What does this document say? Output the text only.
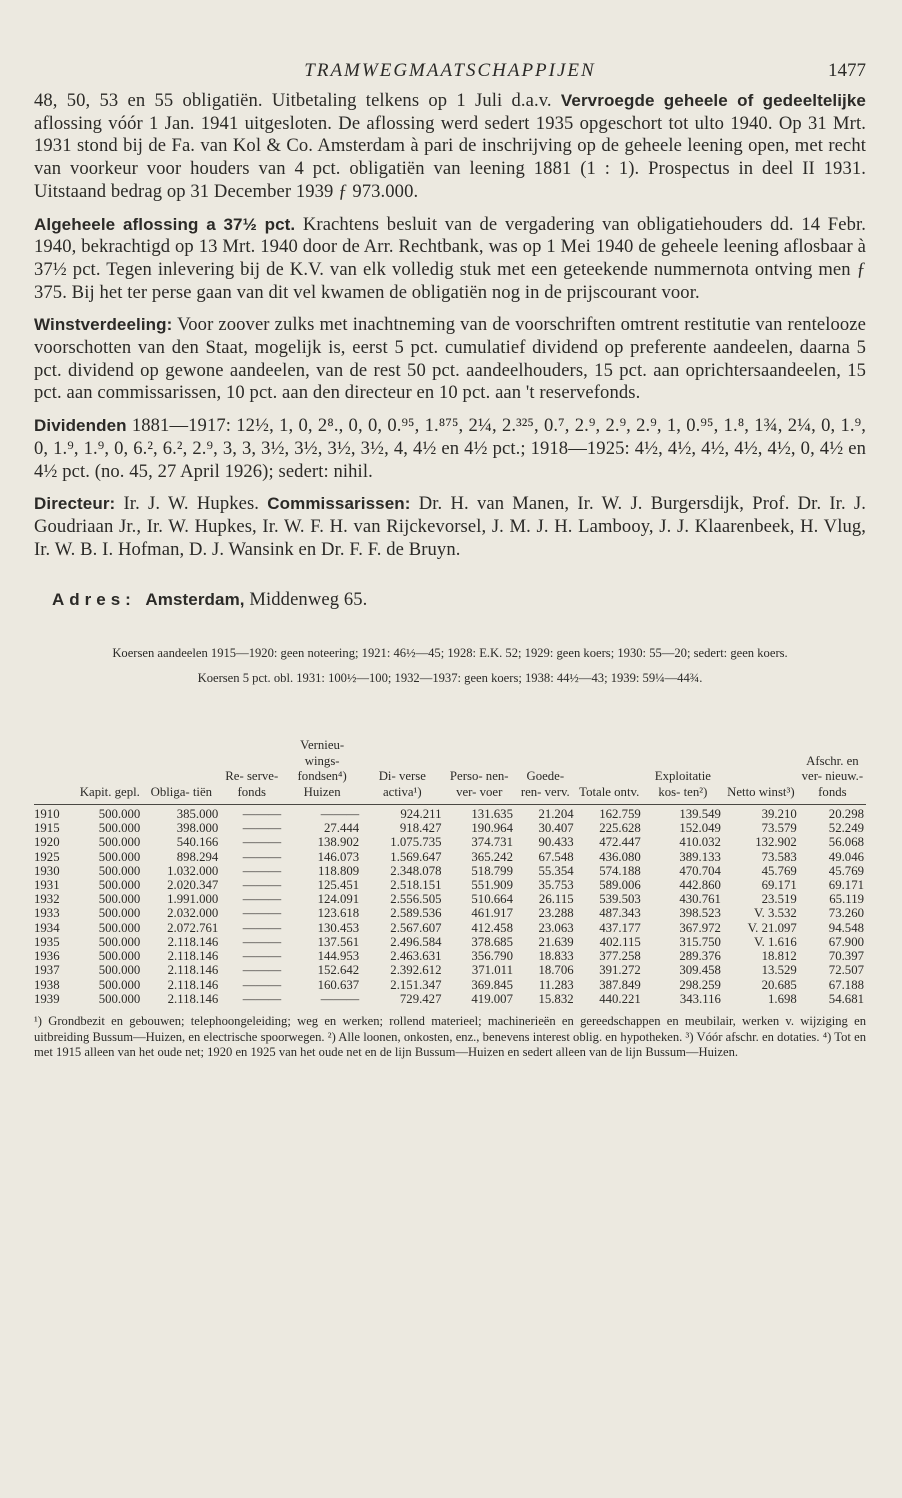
TRAMWEGMAATSCHAPPIJEN	1477

48, 50, 53 en 55 obligatiën. Uitbetaling telkens op 1 Juli d.a.v. Vervroegde geheele of gedeeltelijke aflossing vóór 1 Jan. 1941 uitgesloten. De aflossing werd sedert 1935 opgeschort tot ulto 1940. Op 31 Mrt. 1931 stond bij de Fa. van Kol & Co. Amsterdam à pari de inschrijving op de geheele leening open, met recht van voorkeur voor houders van 4 pct. obligatiën van leening 1881 (1 : 1). Prospectus in deel II 1931. Uitstaand bedrag op 31 December 1939 ƒ 973.000.

Algeheele aflossing a 37½ pct. Krachtens besluit van de vergadering van obligatiehouders dd. 14 Febr. 1940, bekrachtigd op 13 Mrt. 1940 door de Arr. Rechtbank, was op 1 Mei 1940 de geheele leening aflosbaar à 37½ pct. Tegen inlevering bij de K.V. van elk volledig stuk met een geteekende nummernota ontving men ƒ 375. Bij het ter perse gaan van dit vel kwamen de obligatiën nog in de prijscourant voor.

Winstverdeeling: Voor zoover zulks met inachtneming van de voorschriften omtrent restitutie van rentelooze voorschotten van den Staat, mogelijk is, eerst 5 pct. cumulatief dividend op preferente aandeelen, daarna 5 pct. dividend op gewone aandeelen, van de rest 50 pct. aandeelhouders, 15 pct. aan oprichtersaandeelen, 15 pct. aan commissarissen, 10 pct. aan den directeur en 10 pct. aan 't reservefonds.

Dividenden 1881—1917: 12½, 1, 0, 2⁸., 0, 0, 0.⁹⁵, 1.⁸⁷⁵, 2¼, 2.³²⁵, 0.⁷, 2.⁹, 2.⁹, 2.⁹, 1, 0.⁹⁵, 1.⁸, 1¾, 2¼, 0, 1.⁹, 0, 1.⁹, 1.⁹, 0, 6.², 6.², 2.⁹, 3, 3, 3½, 3½, 3½, 3½, 4, 4½ en 4½ pct.; 1918—1925: 4½, 4½, 4½, 4½, 4½, 0, 4½ en 4½ pct. (no. 45, 27 April 1926); sedert: nihil.

Directeur: Ir. J. W. Hupkes. Commissarissen: Dr. H. van Manen, Ir. W. J. Burgersdijk, Prof. Dr. Ir. J. Goudriaan Jr., Ir. W. Hupkes, Ir. W. F. H. van Rijckevorsel, J. M. J. H. Lambooy, J. J. Klaarenbeek, H. Vlug, Ir. W. B. I. Hofman, D. J. Wansink en Dr. F. F. de Bruyn.

Adres: Amsterdam, Middenweg 65.

Koersen aandeelen 1915—1920: geen noteering; 1921: 46½—45; 1928: E.K. 52; 1929: geen koers; 1930: 55—20; sedert: geen koers.

Koersen 5 pct. obl. 1931: 100½—100; 1932—1937: geen koers; 1938: 44½—43; 1939: 59¼—44¾.

	Kapit. gepl.	Obliga- tiën	Re- serve- fonds	Vernieu- wings- fondsen⁴) Huizen	Di- verse activa¹)	Perso- nen- ver- voer	Goede- ren- verv.	Totale ontv.	Exploitatie kos- ten²)	Netto winst³)	Afschr. en ver- nieuw.- fonds
1910	500.000	385.000	———	———	924.211	131.635	21.204	162.759	139.549	39.210	20.298
1915	500.000	398.000	———	27.444	918.427	190.964	30.407	225.628	152.049	73.579	52.249
1920	500.000	540.166	———	138.902	1.075.735	374.731	90.433	472.447	410.032	132.902	56.068
1925	500.000	898.294	———	146.073	1.569.647	365.242	67.548	436.080	389.133	73.583	49.046
1930	500.000	1.032.000	———	118.809	2.348.078	518.799	55.354	574.188	470.704	45.769	45.769
1931	500.000	2.020.347	———	125.451	2.518.151	551.909	35.753	589.006	442.860	69.171	69.171
1932	500.000	1.991.000	———	124.091	2.556.505	510.664	26.115	539.503	430.761	23.519	65.119
1933	500.000	2.032.000	———	123.618	2.589.536	461.917	23.288	487.343	398.523	V. 3.532	73.260
1934	500.000	2.072.761	———	130.453	2.567.607	412.458	23.063	437.177	367.972	V. 21.097	94.548
1935	500.000	2.118.146	———	137.561	2.496.584	378.685	21.639	402.115	315.750	V. 1.616	67.900
1936	500.000	2.118.146	———	144.953	2.463.631	356.790	18.833	377.258	289.376	18.812	70.397
1937	500.000	2.118.146	———	152.642	2.392.612	371.011	18.706	391.272	309.458	13.529	72.507
1938	500.000	2.118.146	———	160.637	2.151.347	369.845	11.283	387.849	298.259	20.685	67.188
1939	500.000	2.118.146	———	———	729.427	419.007	15.832	440.221	343.116	1.698	54.681

¹) Grondbezit en gebouwen; telephoongeleiding; weg en werken; rollend materieel; machinerieën en gereedschappen en meubilair, werken v. wijziging en uitbreiding Bussum—Huizen, en electrische spoorwegen. ²) Alle loonen, onkosten, enz., benevens interest oblig. en hypotheken. ³) Vóór afschr. en dotaties. ⁴) Tot en met 1915 alleen van het oude net; 1920 en 1925 van het oude net en de lijn Bussum—Huizen en sedert alleen van de lijn Bussum—Huizen.
